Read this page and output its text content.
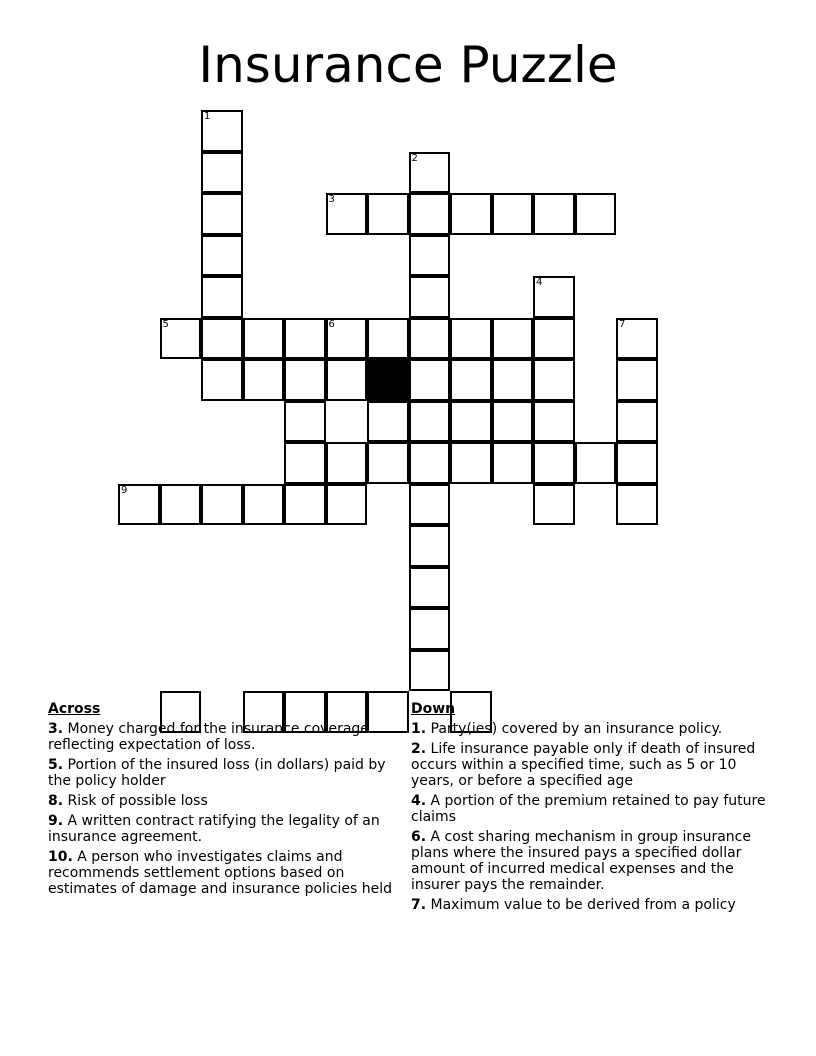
Insurance Puzzle
1
2
3
4
7
5	6
9
Across
3. Money charged for the insurance coverage reflecting expectation of loss.
5. Portion of the insured loss (in dollars) paid by the policy holder
8. Risk of possible loss
9. A written contract ratifying the legality of an insurance agreement.
10. A person who investigates claims and recommends settlement options based on estimates of damage and insurance policies held
Down
1. Party(ies) covered by an insurance policy.
2. Life insurance payable only if death of insured occurs within a specified time, such as 5 or 10 years, or before a specified age
4. A portion of the premium retained to pay future claims
6. A cost sharing mechanism in group insurance plans where the insured pays a specified dollar amount of incurred medical expenses and the insurer pays the remainder.
7. Maximum value to be derived from a policy
